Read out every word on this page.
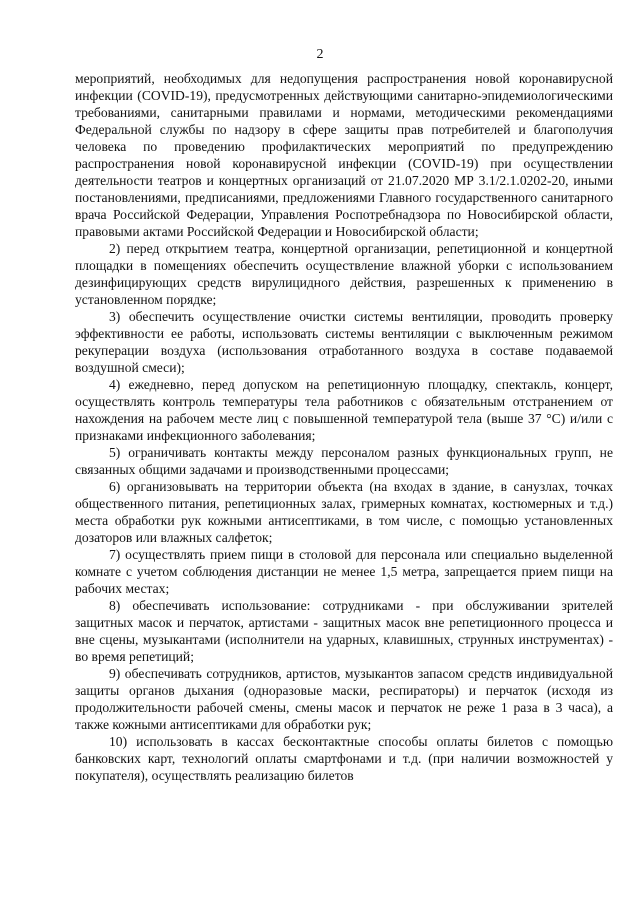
2

мероприятий, необходимых для недопущения распространения новой коронавирусной инфекции (COVID-19), предусмотренных действующими санитарно-эпидемиологическими требованиями, санитарными правилами и нормами, методическими рекомендациями Федеральной службы по надзору в сфере защиты прав потребителей и благополучия человека по проведению профилактических мероприятий по предупреждению распространения новой коронавирусной инфекции (COVID-19) при осуществлении деятельности театров и концертных организаций от 21.07.2020 МР 3.1/2.1.0202-20, иными постановлениями, предписаниями, предложениями Главного государственного санитарного врача Российской Федерации, Управления Роспотребнадзора по Новосибирской области, правовыми актами Российской Федерации и Новосибирской области;

2) перед открытием театра, концертной организации, репетиционной и концертной площадки в помещениях обеспечить осуществление влажной уборки с использованием дезинфицирующих средств вирулицидного действия, разрешенных к применению в установленном порядке;

3) обеспечить осуществление очистки системы вентиляции, проводить проверку эффективности ее работы, использовать системы вентиляции с выключенным режимом рекуперации воздуха (использования отработанного воздуха в составе подаваемой воздушной смеси);

4) ежедневно, перед допуском на репетиционную площадку, спектакль, концерт, осуществлять контроль температуры тела работников с обязательным отстранением от нахождения на рабочем месте лиц с повышенной температурой тела (выше 37 °С) и/или с признаками инфекционного заболевания;

5) ограничивать контакты между персоналом разных функциональных групп, не связанных общими задачами и производственными процессами;

6) организовывать на территории объекта (на входах в здание, в санузлах, точках общественного питания, репетиционных залах, гримерных комнатах, костюмерных и т.д.) места обработки рук кожными антисептиками, в том числе, с помощью установленных дозаторов или влажных салфеток;

7) осуществлять прием пищи в столовой для персонала или специально выделенной комнате с учетом соблюдения дистанции не менее 1,5 метра, запрещается прием пищи на рабочих местах;

8) обеспечивать использование: сотрудниками - при обслуживании зрителей защитных масок и перчаток, артистами - защитных масок вне репетиционного процесса и вне сцены, музыкантами (исполнители на ударных, клавишных, струнных инструментах) - во время репетиций;

9) обеспечивать сотрудников, артистов, музыкантов запасом средств индивидуальной защиты органов дыхания (одноразовые маски, респираторы) и перчаток (исходя из продолжительности рабочей смены, смены масок и перчаток не реже 1 раза в 3 часа), а также кожными антисептиками для обработки рук;

10) использовать в кассах бесконтактные способы оплаты билетов с помощью банковских карт, технологий оплаты смартфонами и т.д. (при наличии возможностей у покупателя), осуществлять реализацию билетов
